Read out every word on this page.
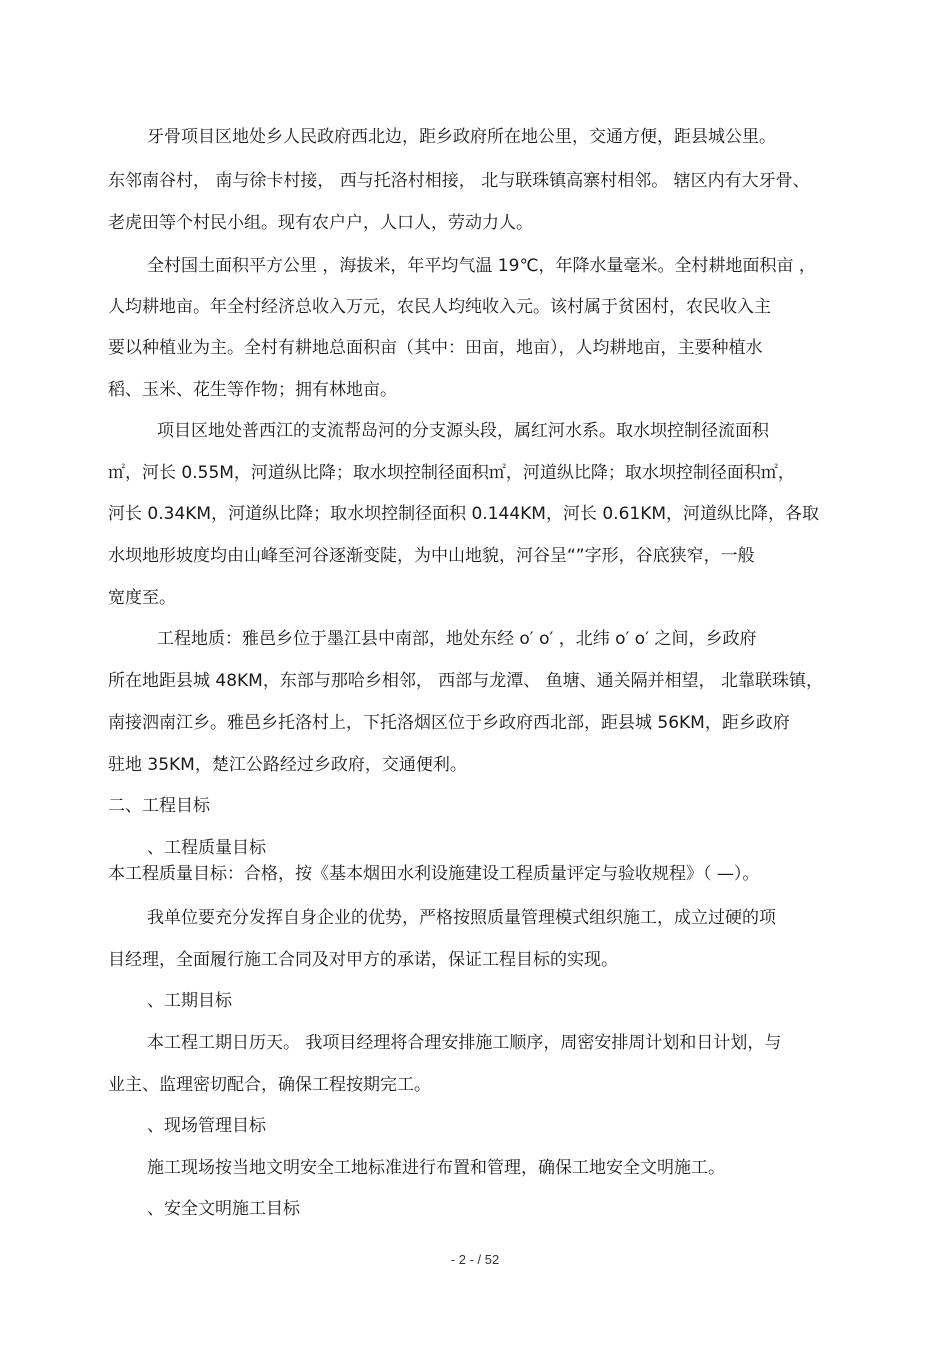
牙骨项目区地处乡人民政府西北边，距乡政府所在地公里，交通方便，距县城公里。

东邻南谷村， 南与徐卡村接， 西与托洛村相接， 北与联珠镇高寨村相邻。 辖区内有大牙骨、

老虎田等个村民小组。现有农户户，人口人，劳动力人。

全村国土面积平方公里 ，海拔米，年平均气温 19℃，年降水量毫米。全村耕地面积亩 ，

人均耕地亩。年全村经济总收入万元，农民人均纯收入元。该村属于贫困村，农民收入主

要以种植业为主。全村有耕地总面积亩（其中：田亩，地亩），人均耕地亩，主要种植水

稻、玉米、花生等作物；拥有林地亩。

项目区地处普西江的支流帮岛河的分支源头段，属红河水系。取水坝控制径流面积

㎡，河长 0.55M，河道纵比降；取水坝控制径面积㎡，河道纵比降；取水坝控制径面积㎡，

河长 0.34KM，河道纵比降；取水坝控制径面积 0.144KM，河长 0.61KM，河道纵比降，各取

水坝地形坡度均由山峰至河谷逐渐变陡，为中山地貌，河谷呈“”字形，谷底狭窄，一般

宽度至。

工程地质：雅邑乡位于墨江县中南部，地处东经 o′ o′ ，北纬 o′ o′ 之间，乡政府

所在地距县城 48KM，东部与那哈乡相邻， 西部与龙潭、 鱼塘、通关隔并相望， 北靠联珠镇，

南接泗南江乡。雅邑乡托洛村上，下托洛烟区位于乡政府西北部，距县城 56KM，距乡政府

驻地 35KM，楚江公路经过乡政府，交通便利。

二、工程目标

、工程质量目标

本工程质量目标：合格，按《基本烟田水利设施建设工程质量评定与验收规程》（ —）。

我单位要充分发挥自身企业的优势，严格按照质量管理模式组织施工，成立过硬的项

目经理，全面履行施工合同及对甲方的承诺，保证工程目标的实现。

、工期目标

本工程工期日历天。 我项目经理将合理安排施工顺序，周密安排周计划和日计划，与

业主、监理密切配合，确保工程按期完工。

、现场管理目标

施工现场按当地文明安全工地标准进行布置和管理，确保工地安全文明施工。

、安全文明施工目标

- 2 - / 52
